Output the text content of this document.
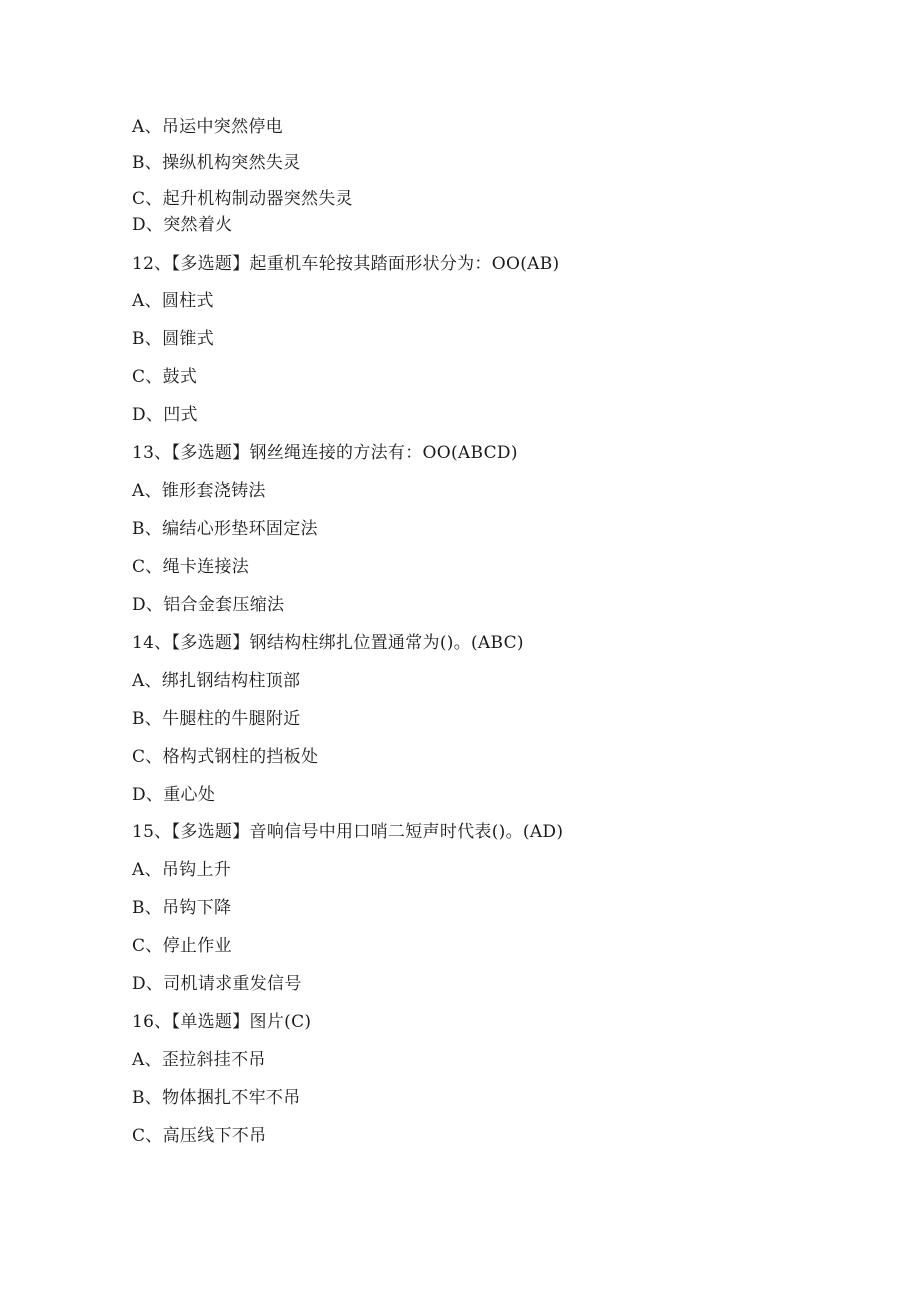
A、吊运中突然停电
B、操纵机构突然失灵
C、起升机构制动器突然失灵
D、突然着火
12、【多选题】起重机车轮按其踏面形状分为：OO(AB)
A、圆柱式
B、圆锥式
C、鼓式
D、凹式
13、【多选题】钢丝绳连接的方法有：OO(ABCD)
A、锥形套浇铸法
B、编结心形垫环固定法
C、绳卡连接法
D、铝合金套压缩法
14、【多选题】钢结构柱绑扎位置通常为()。(ABC)
A、绑扎钢结构柱顶部
B、牛腿柱的牛腿附近
C、格构式钢柱的挡板处
D、重心处
15、【多选题】音响信号中用口哨二短声时代表()。(AD)
A、吊钩上升
B、吊钩下降
C、停止作业
D、司机请求重发信号
16、【单选题】图片(C)
A、歪拉斜挂不吊
B、物体捆扎不牢不吊
C、高压线下不吊
